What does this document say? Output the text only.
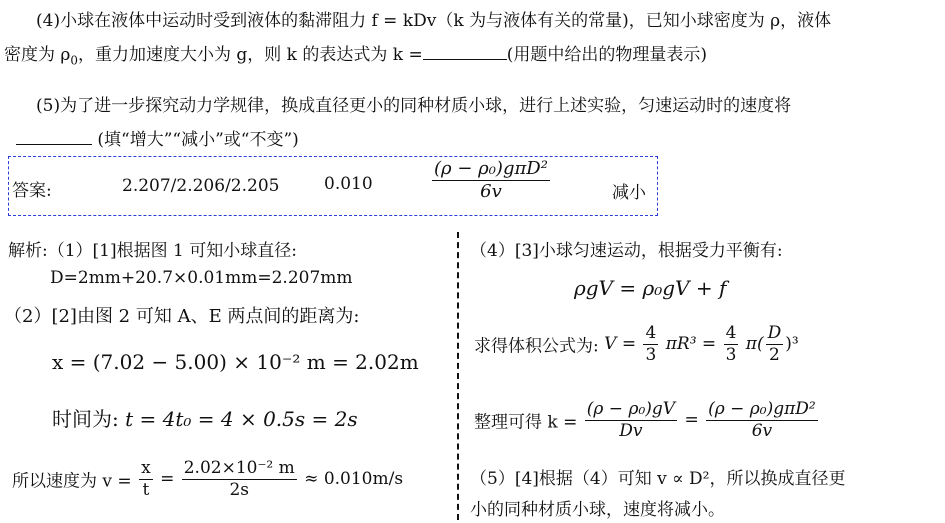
(4)小球在液体中运动时受到液体的黏滞阻力 f = kDv（k 为与液体有关的常量)，已知小球密度为 ρ，液体
密度为 $\rho_0$，重力加速度大小为 g，则 k 的表达式为 k =	(用题中给出的物理量表示)
(5)为了进一步探究动力学规律，换成直径更小的同种材质小球，进行上述实验，匀速运动时的速度将
(填“增大”“减小”或“不变”)
答案:	2.207/2.206/2.205	0.010	$\frac{\text{(ρ − ρ₀)gπD²}}{6v}$	减小
解析:（1）[1]根据图 1 可知小球直径:
D=2mm+20.7×0.01mm=2.207mm
（2）[2]由图 2 可知 A、E 两点间的距离为:
x = (7.02 − 5.00) × 10⁻² m = 2.02m
时间为: t = 4t₀ = 4 × 0.5s = 2s
所以速度为 $v = \frac{x}{t} = \frac{\text{2.02×10⁻² m}}{2s} \approx 0.010m/s$
（4）[3]小球匀速运动，根据受力平衡有:
ρgV = ρ₀gV + f
求得体积公式为: $V = \frac{4}{3} \pi R^3 = \frac{4}{3} \pi( \frac{D}{2} )^3$
整理可得 $k = \frac{\text{(ρ − ρ₀)gV}}{Dv} = \frac{\text{(ρ − ρ₀)gπD²}}{6v}$
（5）[4]根据（4）可知 v ∝ D²，所以换成直径更
小的同种材质小球，速度将减小。
